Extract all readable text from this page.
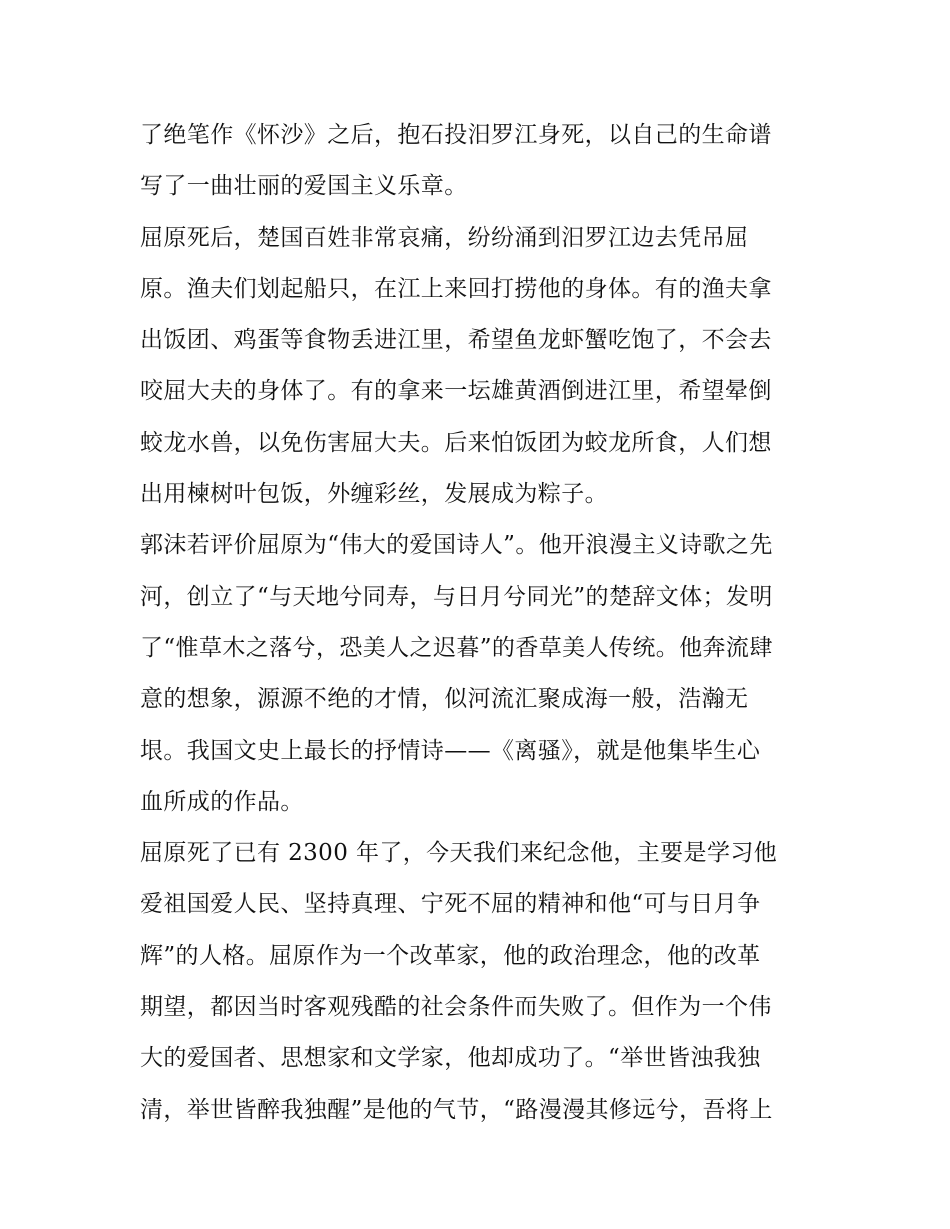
了绝笔作《怀沙》之后，抱石投汨罗江身死，以自己的生命谱
写了一曲壮丽的爱国主义乐章。
屈原死后，楚国百姓非常哀痛，纷纷涌到汨罗江边去凭吊屈
原。渔夫们划起船只，在江上来回打捞他的身体。有的渔夫拿
出饭团、鸡蛋等食物丢进江里，希望鱼龙虾蟹吃饱了，不会去
咬屈大夫的身体了。有的拿来一坛雄黄酒倒进江里，希望晕倒
蛟龙水兽，以免伤害屈大夫。后来怕饭团为蛟龙所食，人们想
出用楝树叶包饭，外缠彩丝，发展成为粽子。
郭沫若评价屈原为“伟大的爱国诗人”。他开浪漫主义诗歌之先
河，创立了“与天地兮同寿，与日月兮同光”的楚辞文体；发明
了“惟草木之落兮，恐美人之迟暮”的香草美人传统。他奔流肆
意的想象，源源不绝的才情，似河流汇聚成海一般，浩瀚无
垠。我国文史上最长的抒情诗——《离骚》，就是他集毕生心
血所成的作品。
屈原死了已有 2300 年了，今天我们来纪念他，主要是学习他
爱祖国爱人民、坚持真理、宁死不屈的精神和他“可与日月争
辉”的人格。屈原作为一个改革家，他的政治理念，他的改革
期望，都因当时客观残酷的社会条件而失败了。但作为一个伟
大的爱国者、思想家和文学家，他却成功了。“举世皆浊我独
清，举世皆醉我独醒”是他的气节，“路漫漫其修远兮，吾将上
